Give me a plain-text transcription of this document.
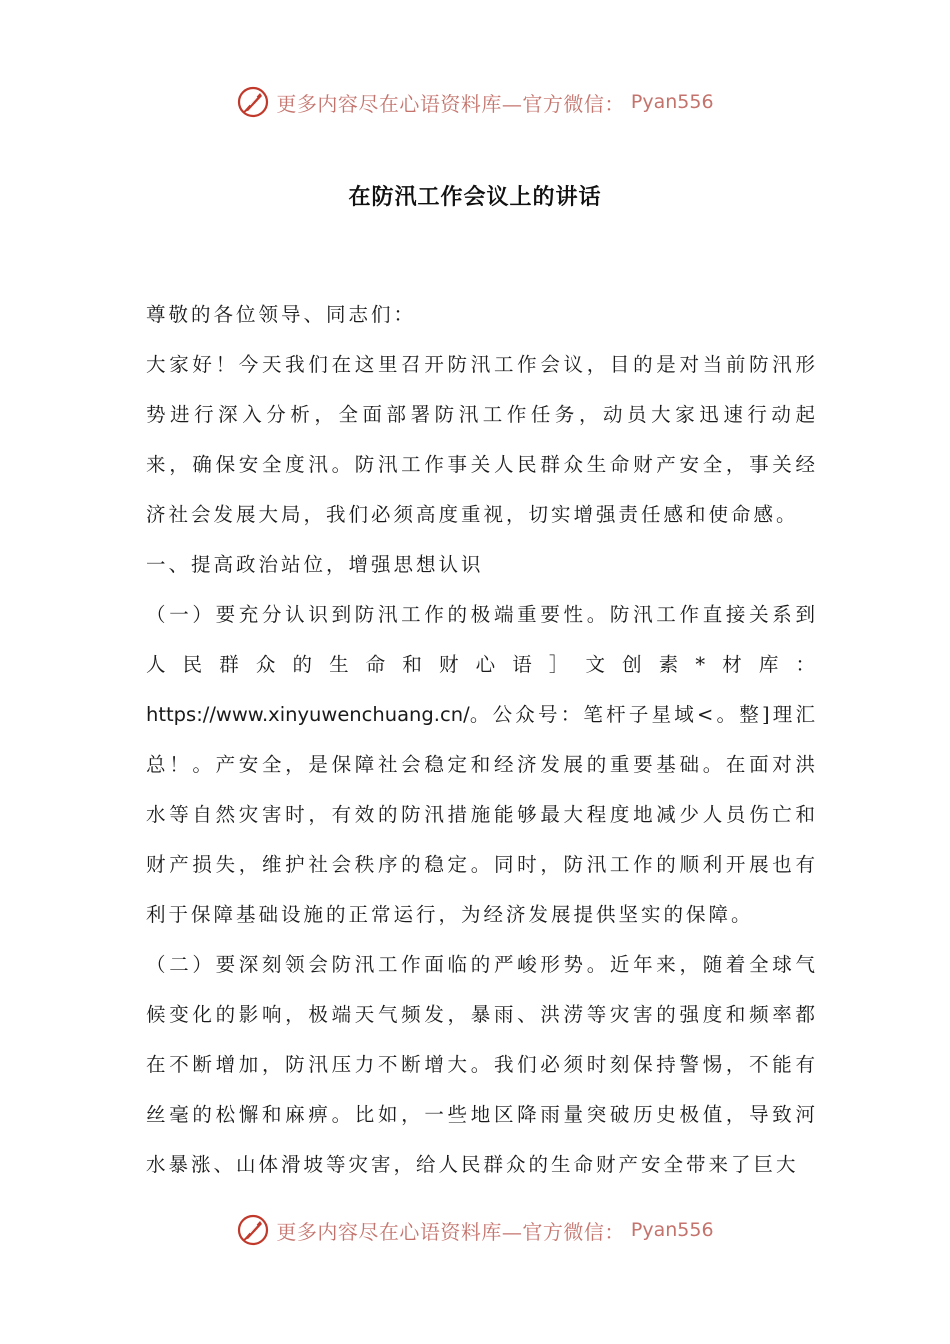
更多内容尽在心语资料库—官方微信： Pyan556
在防汛工作会议上的讲话

尊敬的各位领导、同志们：

大家好！今天我们在这里召开防汛工作会议，目的是对当前防汛形势进行深入分析，全面部署防汛工作任务，动员大家迅速行动起来，确保安全度汛。防汛工作事关人民群众生命财产安全，事关经济社会发展大局，我们必须高度重视，切实增强责任感和使命感。

一、提高政治站位，增强思想认识

（一）要充分认识到防汛工作的极端重要性。防汛工作直接关系到人民群众的生命和财心语］文创素*材库：https://www.xinyuwenchuang.cn/。公众号：笔杆子星域<。整]理汇总！。产安全，是保障社会稳定和经济发展的重要基础。在面对洪水等自然灾害时，有效的防汛措施能够最大程度地减少人员伤亡和财产损失，维护社会秩序的稳定。同时，防汛工作的顺利开展也有利于保障基础设施的正常运行，为经济发展提供坚实的保障。

（二）要深刻领会防汛工作面临的严峻形势。近年来，随着全球气候变化的影响，极端天气频发，暴雨、洪涝等灾害的强度和频率都在不断增加，防汛压力不断增大。我们必须时刻保持警惕，不能有丝毫的松懈和麻痹。比如，一些地区降雨量突破历史极值，导致河水暴涨、山体滑坡等灾害，给人民群众的生命财产安全带来了巨大

更多内容尽在心语资料库—官方微信： Pyan556
